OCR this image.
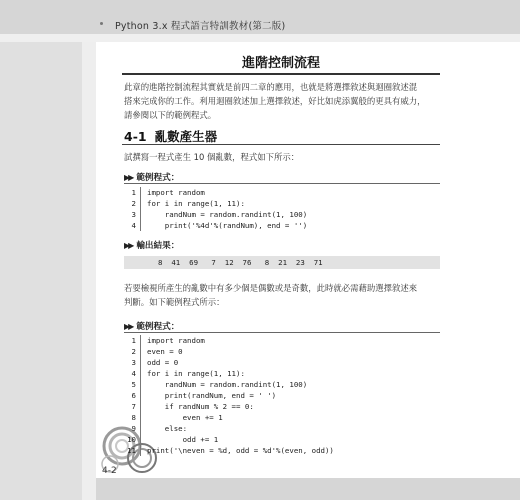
Python 3.x 程式語言特訓教材(第二版)
4-2
進階控制流程
此章的進階控制流程其實就是前四二章的應用，也就是將選擇敘述與迴圈敘述混
搭來完成你的工作。利用迴圈敘述加上選擇敘述，好比如虎添翼般的更具有威力，
請參閱以下的範例程式。
4-1 亂數產生器
試撰寫一程式產生 10 個亂數，程式如下所示：
▶▶ 範例程式：
1	import random
2	for i in range(1, 11):
3	randNum = random.randint(1, 100)
4	print('%4d'%(randNum), end = '')
▶▶ 輸出結果：
8  41  69   7  12  76   8  21  23  71
若要檢視所產生的亂數中有多少個是偶數或是奇數，此時就必需藉助選擇敘述來
判斷。如下範例程式所示：
▶▶ 範例程式：
1	import random
2	even = 0
3	odd = 0
4	for i in range(1, 11):
5	randNum = random.randint(1, 100)
6	print(randNum, end = ' ')
7	if randNum % 2 == 0:
8	even += 1
9	else:
10	odd += 1
11	print('\neven = %d, odd = %d'%(even, odd))
